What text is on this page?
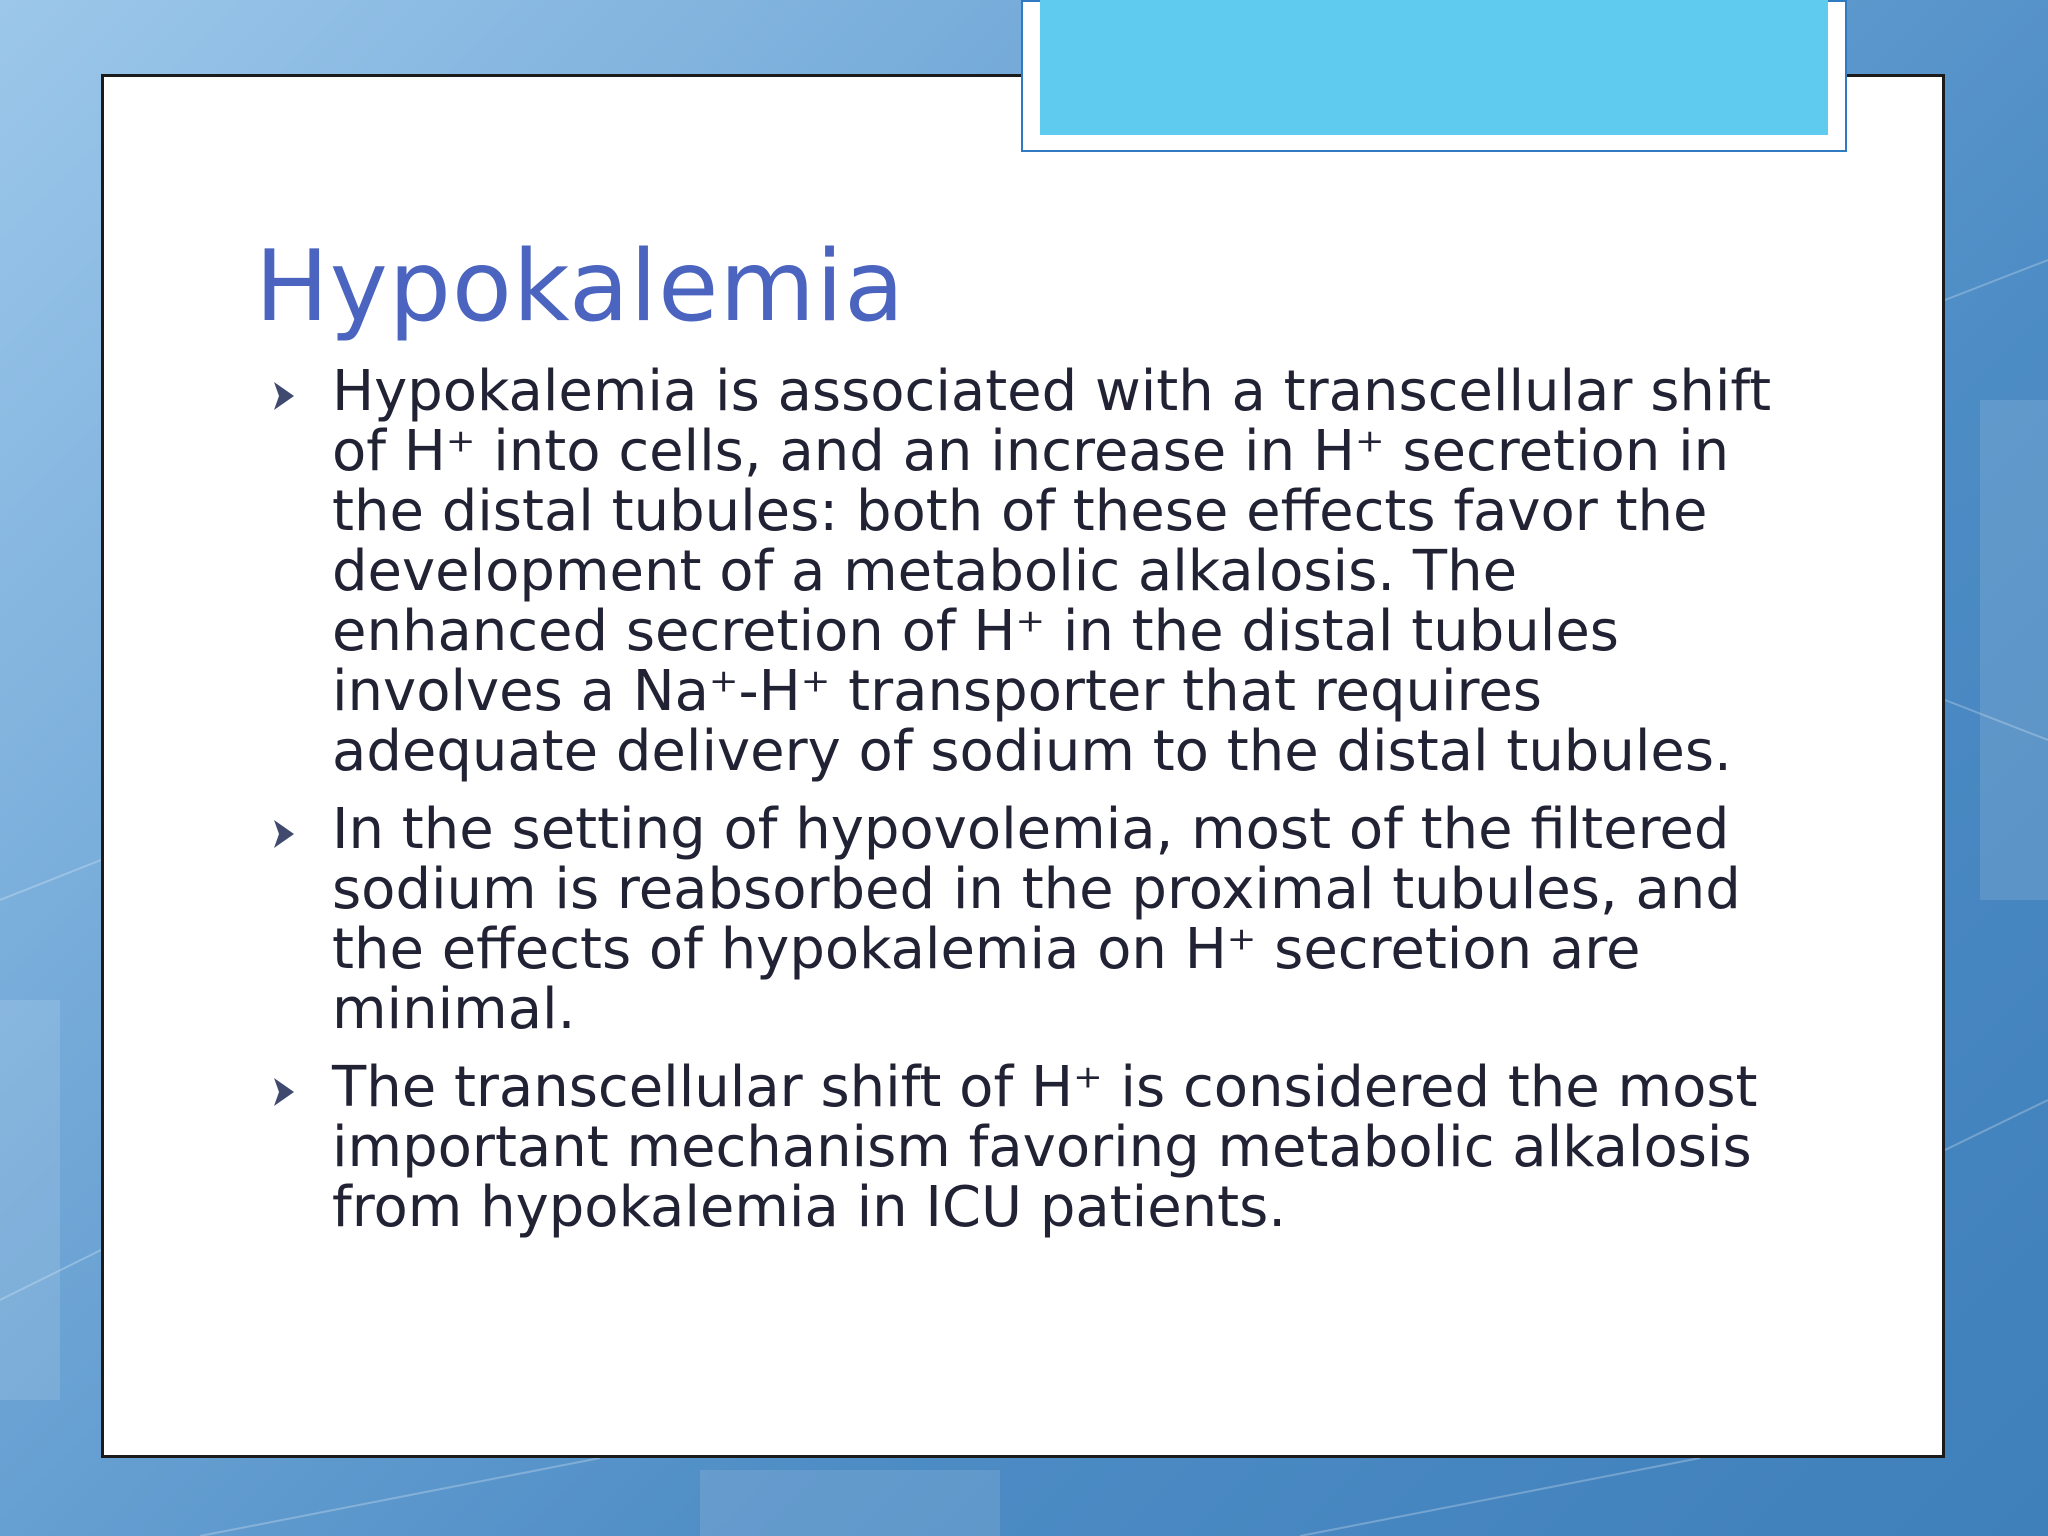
Hypokalemia
Hypokalemia is associated with a transcellular shift of H⁺ into cells, and an increase in H⁺ secretion in the distal tubules: both of these effects favor the development of a metabolic alkalosis. The enhanced secretion of H⁺ in the distal tubules involves a Na⁺-H⁺ transporter that requires adequate delivery of sodium to the distal tubules.
In the setting of hypovolemia, most of the filtered sodium is reabsorbed in the proximal tubules, and the effects of hypokalemia on H⁺ secretion are minimal.
The transcellular shift of H⁺ is considered the most important mechanism favoring metabolic alkalosis from hypokalemia in ICU patients.
